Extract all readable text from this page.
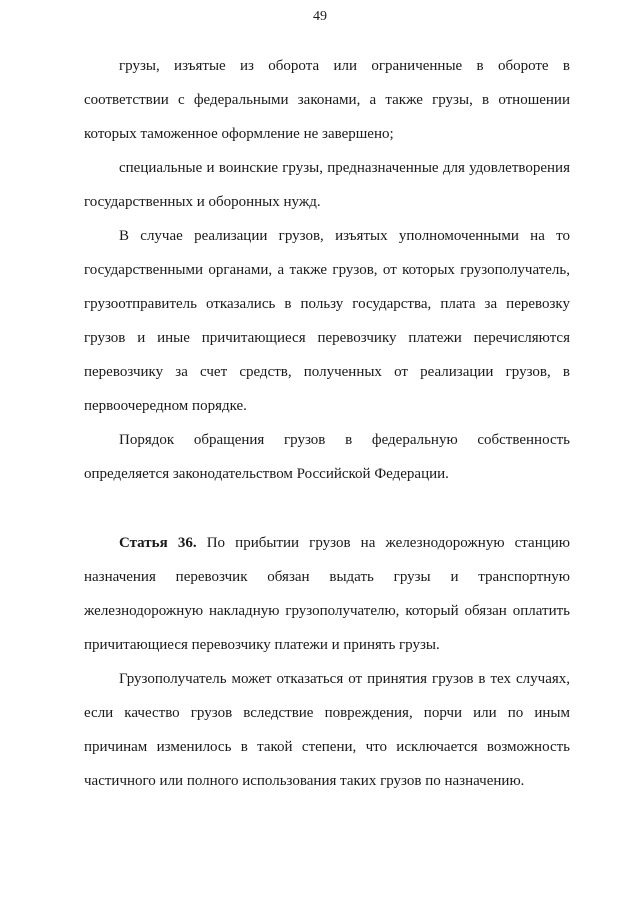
49

грузы, изъятые из оборота или ограниченные в обороте в соответствии с федеральными законами, а также грузы, в отношении которых таможенное оформление не завершено;

специальные и воинские грузы, предназначенные для удовлетворения государственных и оборонных нужд.

В случае реализации грузов, изъятых уполномоченными на то государственными органами, а также грузов, от которых грузополучатель, грузоотправитель отказались в пользу государства, плата за перевозку грузов и иные причитающиеся перевозчику платежи перечисляются перевозчику за счет средств, полученных от реализации грузов, в первоочередном порядке.

Порядок обращения грузов в федеральную собственность определяется законодательством Российской Федерации.

Статья 36. По прибытии грузов на железнодорожную станцию назначения перевозчик обязан выдать грузы и транспортную железнодорожную накладную грузополучателю, который обязан оплатить причитающиеся перевозчику платежи и принять грузы.

Грузополучатель может отказаться от принятия грузов в тех случаях, если качество грузов вследствие повреждения, порчи или по иным причинам изменилось в такой степени, что исключается возможность частичного или полного использования таких грузов по назначению.
